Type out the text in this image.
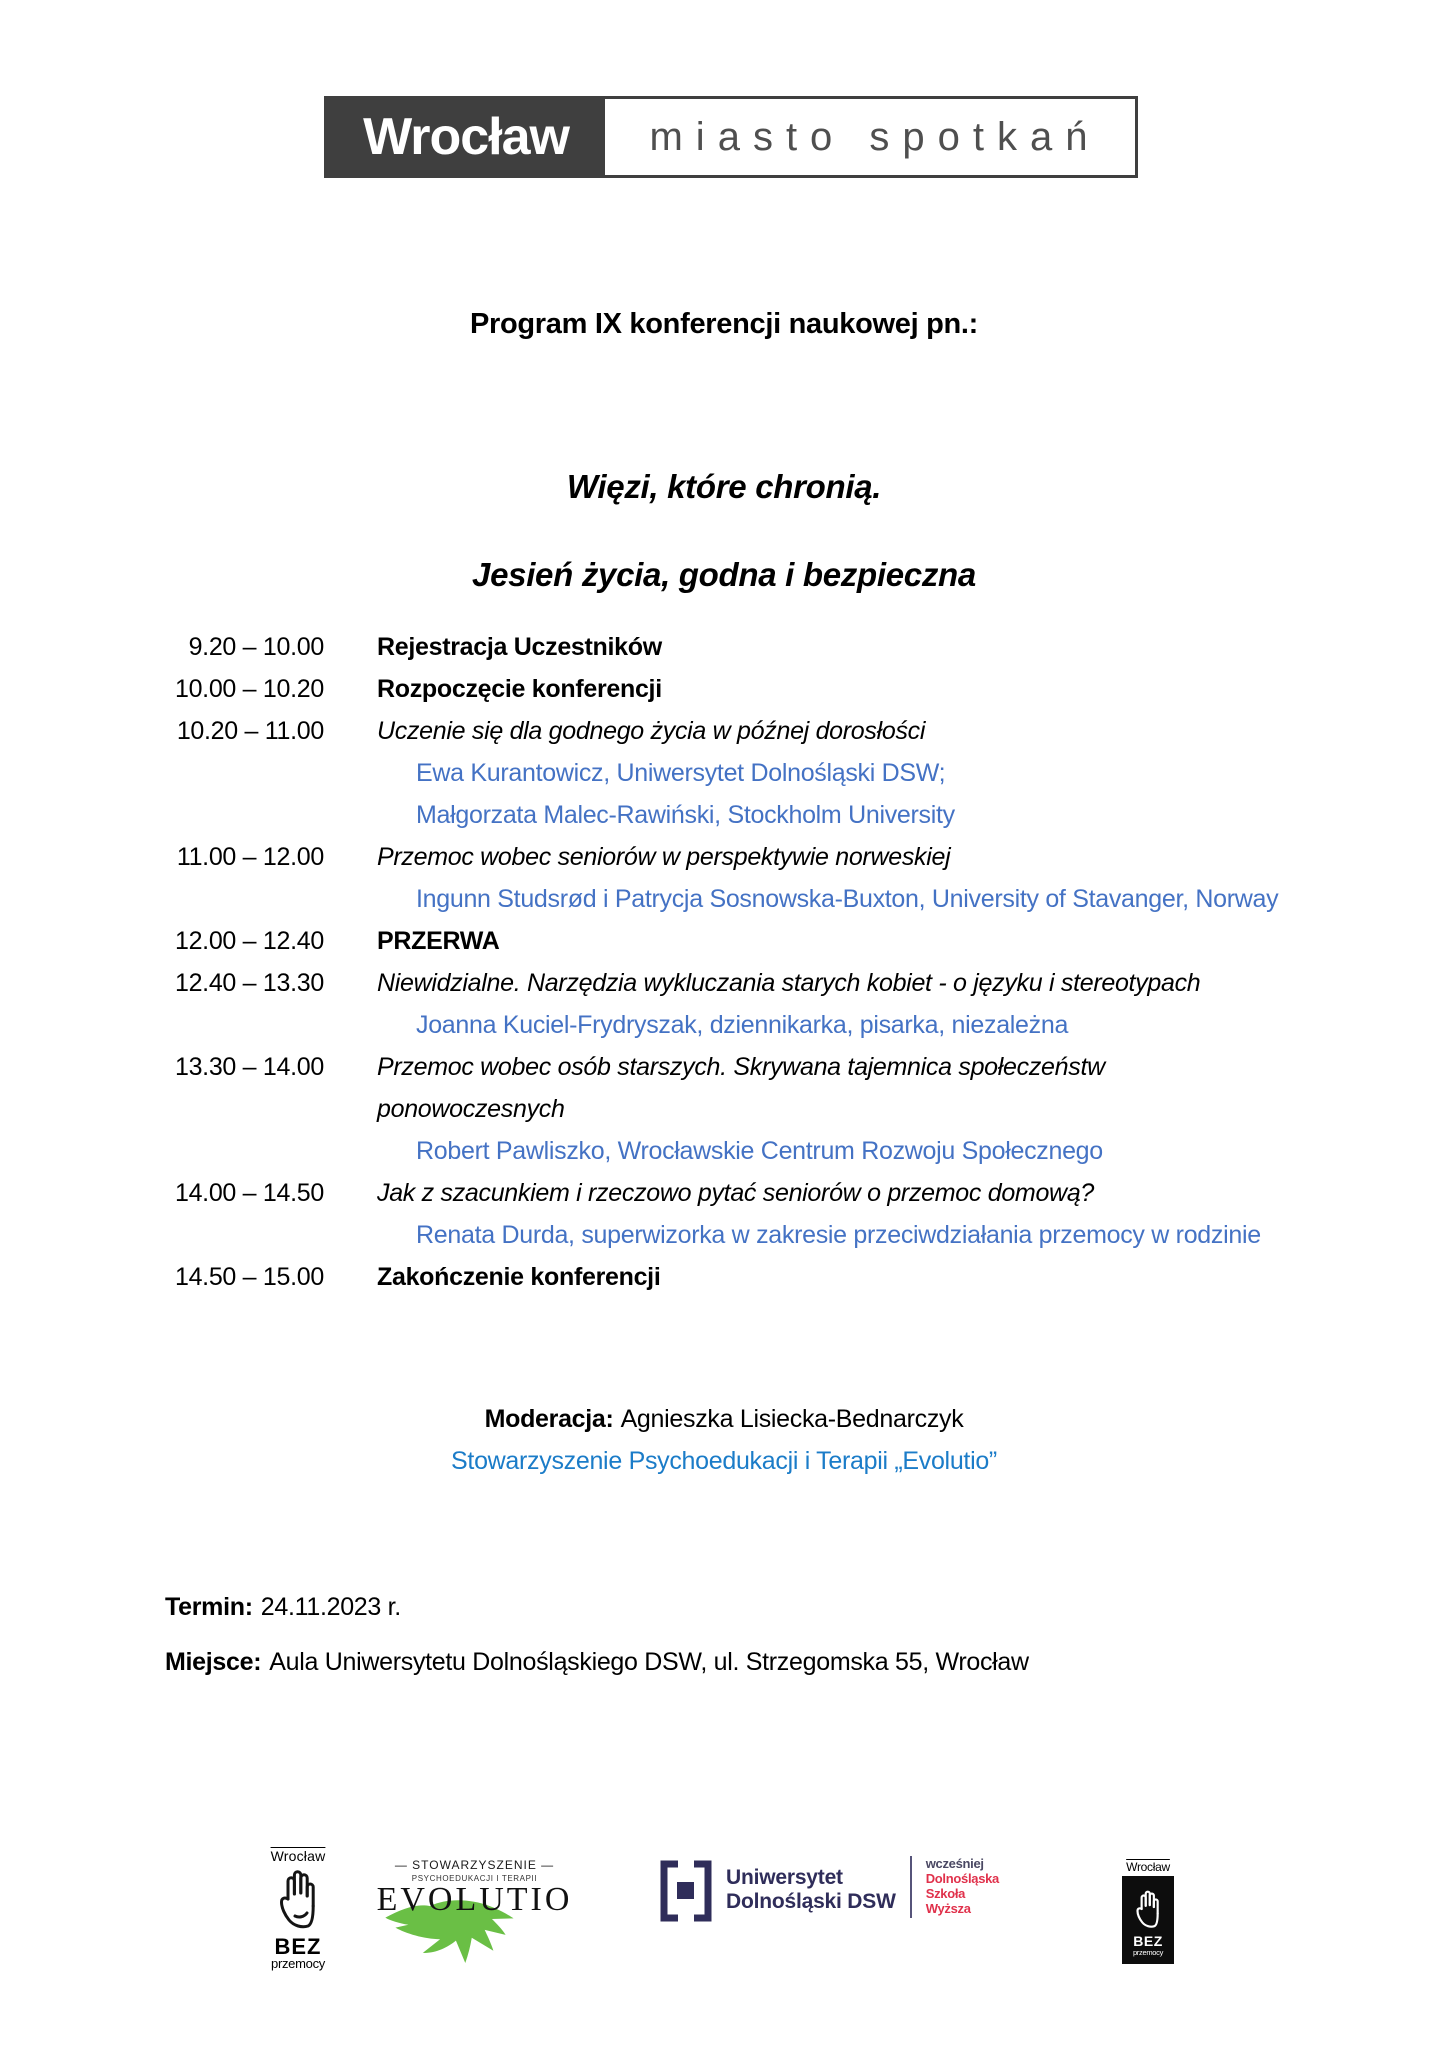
Wrocław	miasto spotkań
Program IX konferencji naukowej pn.:
Więzi, które chronią.
Jesień życia, godna i bezpieczna
9.20 – 10.00 Rejestracja Uczestników
10.00 – 10.20 Rozpoczęcie konferencji
10.20 – 11.00 Uczenie się dla godnego życia w późnej dorosłości
Ewa Kurantowicz, Uniwersytet Dolnośląski DSW;
Małgorzata Malec-Rawiński, Stockholm University
11.00 – 12.00 Przemoc wobec seniorów w perspektywie norweskiej
Ingunn Studsrød i Patrycja Sosnowska-Buxton, University of Stavanger, Norway
12.00 – 12.40 PRZERWA
12.40 – 13.30 Niewidzialne. Narzędzia wykluczania starych kobiet - o języku i stereotypach
Joanna Kuciel-Frydryszak, dziennikarka, pisarka, niezależna
13.30 – 14.00 Przemoc wobec osób starszych. Skrywana tajemnica społeczeństw
ponowoczesnych
Robert Pawliszko, Wrocławskie Centrum Rozwoju Społecznego
14.00 – 14.50 Jak z szacunkiem i rzeczowo pytać seniorów o przemoc domową?
Renata Durda, superwizorka w zakresie przeciwdziałania przemocy w rodzinie
14.50 – 15.00 Zakończenie konferencji
Moderacja: Agnieszka Lisiecka-Bednarczyk
Stowarzyszenie Psychoedukacji i Terapii „Evolutio”
Termin: 24.11.2023 r.
Miejsce: Aula Uniwersytetu Dolnośląskiego DSW, ul. Strzegomska 55, Wrocław
Wrocław
BEZ
przemocy
— STOWARZYSZENIE —
PSYCHOEDUKACJI I TERAPII
EVOLUTIO
Uniwersytet
Dolnośląski DSW
wcześniej
Dolnośląska
Szkoła
Wyższa
Wrocław
BEZ
przemocy
